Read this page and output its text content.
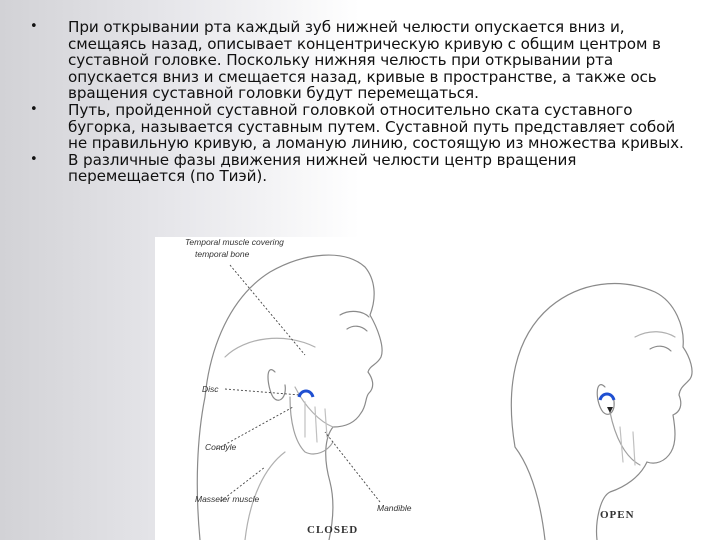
• При открывании рта каждый зуб нижней челюсти опускается вниз и, смещаясь назад, описывает концентрическую кривую с общим центром в суставной головке. Поскольку нижняя челюсть при открывании рта опускается вниз и смещается назад, кривые в пространстве, а также ось вращения суставной головки будут перемещаться.
• Путь, пройденной суставной головкой относительно ската суставного бугорка, называется суставным путем. Суставной путь представляет собой не правильную кривую, а ломаную линию, состоящую из множества кривых.
• В различные фазы движения нижней челюсти центр вращения перемещается (по Тиэй).
Temporal muscle covering
temporal bone
Disc
Condyle
Masseter muscle
Mandible
CLOSED
OPEN
